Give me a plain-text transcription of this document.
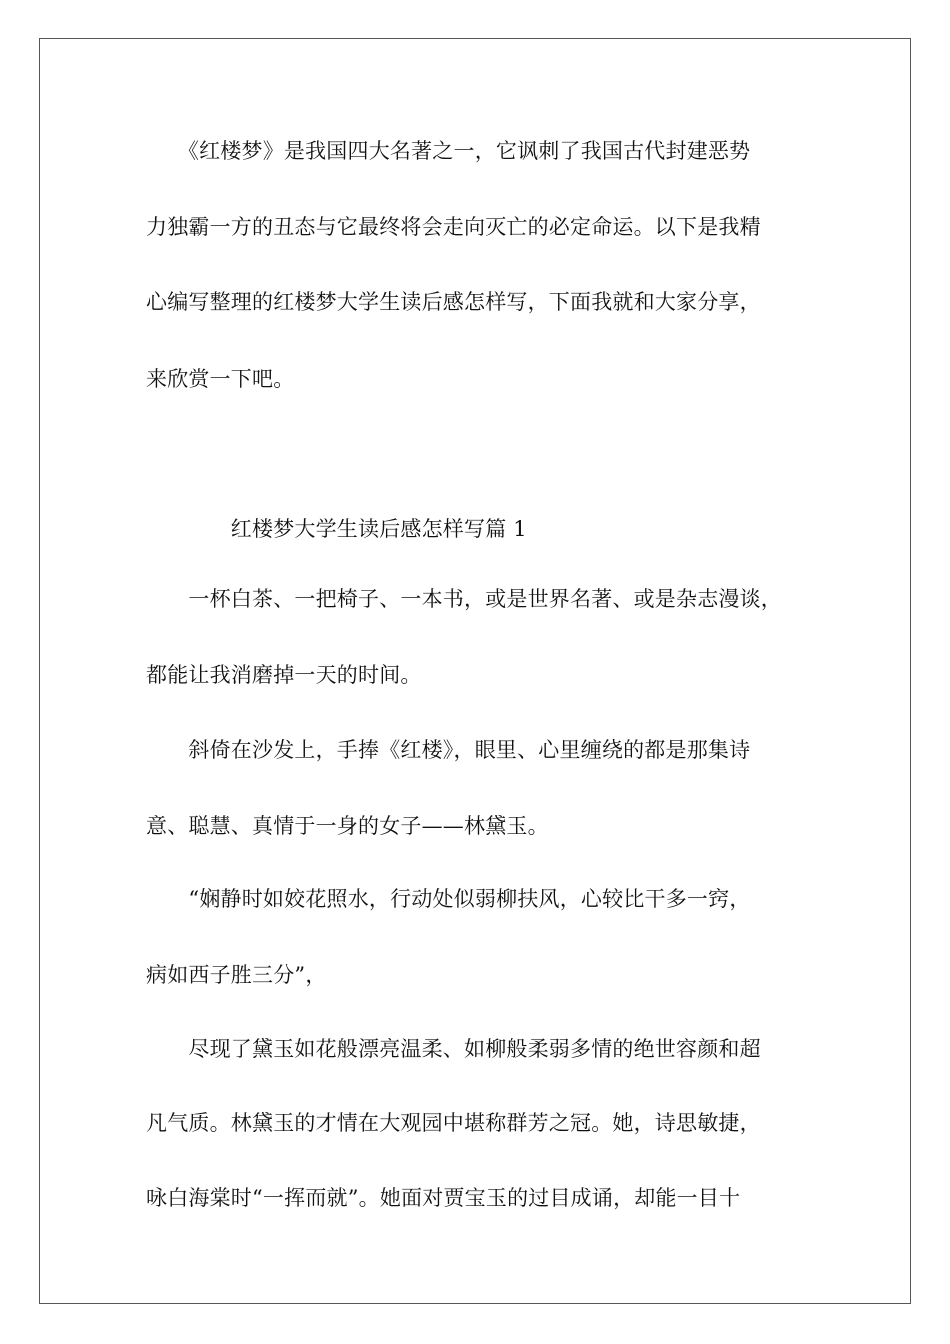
　　《红楼梦》是我国四大名著之一，它讽刺了我国古代封建恶势
力独霸一方的丑态与它最终将会走向灭亡的必定命运。以下是我精
心编写整理的红楼梦大学生读后感怎样写，下面我就和大家分享，
来欣赏一下吧。
　　　　红楼梦大学生读后感怎样写篇 1
　　一杯白茶、一把椅子、一本书，或是世界名著、或是杂志漫谈，
都能让我消磨掉一天的时间。
　　斜倚在沙发上，手捧《红楼》，眼里、心里缠绕的都是那集诗
意、聪慧、真情于一身的女子——林黛玉。
　　“娴静时如姣花照水，行动处似弱柳扶风，心较比干多一窍，
病如西子胜三分”，
　　尽现了黛玉如花般漂亮温柔、如柳般柔弱多情的绝世容颜和超
凡气质。林黛玉的才情在大观园中堪称群芳之冠。她，诗思敏捷，
咏白海棠时“一挥而就”。她面对贾宝玉的过目成诵，却能一目十
